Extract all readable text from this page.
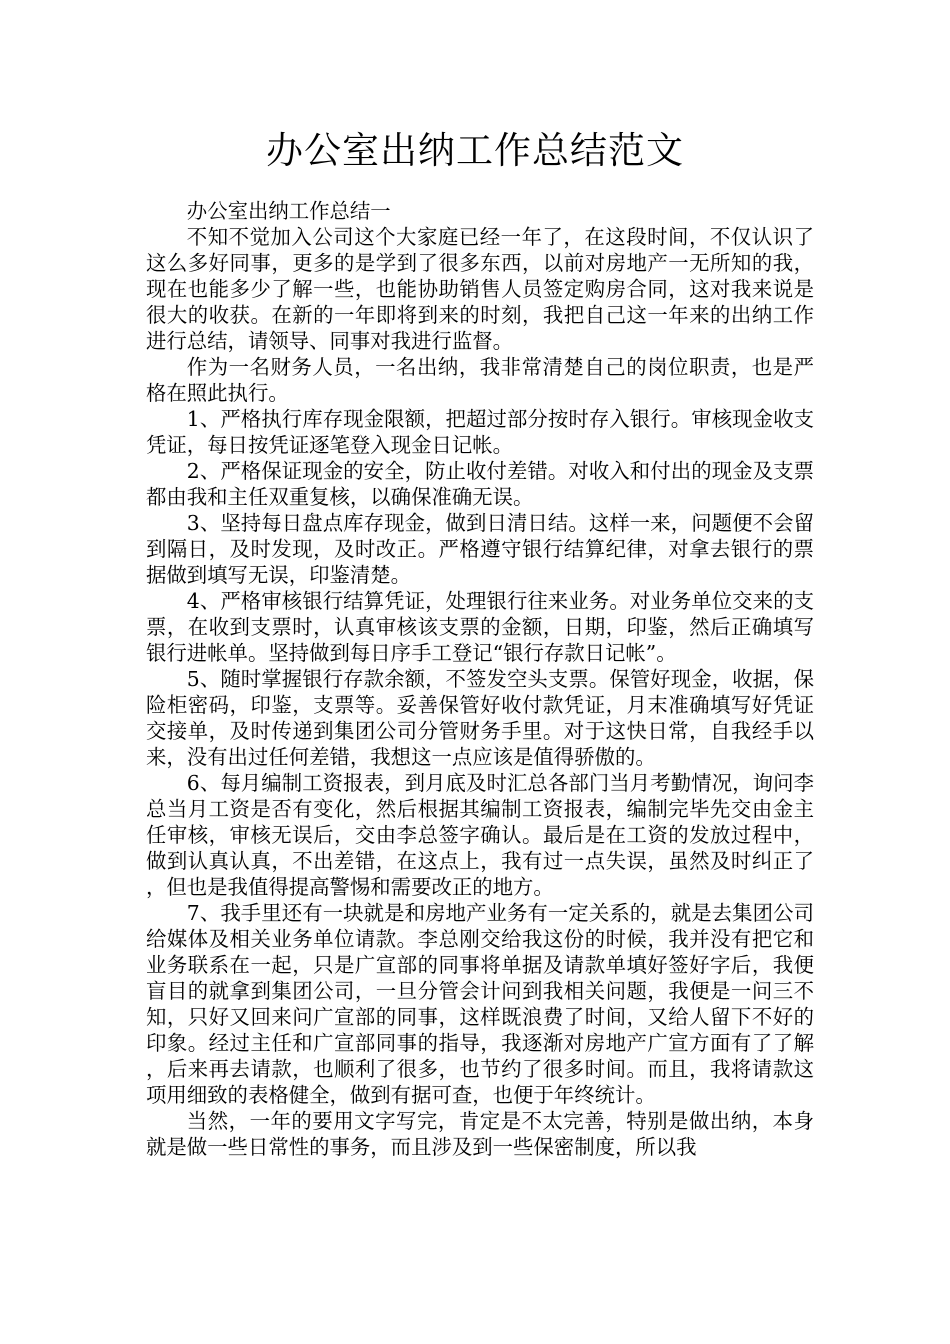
办公室出纳工作总结范文

办公室出纳工作总结一

不知不觉加入公司这个大家庭已经一年了，在这段时间，不仅认识了这么多好同事，更多的是学到了很多东西，以前对房地产一无所知的我，现在也能多少了解一些，也能协助销售人员签定购房合同，这对我来说是很大的收获。在新的一年即将到来的时刻，我把自己这一年来的出纳工作进行总结，请领导、同事对我进行监督。

作为一名财务人员，一名出纳，我非常清楚自己的岗位职责，也是严格在照此执行。

1、严格执行库存现金限额，把超过部分按时存入银行。审核现金收支凭证，每日按凭证逐笔登入现金日记帐。

2、严格保证现金的安全，防止收付差错。对收入和付出的现金及支票都由我和主任双重复核，以确保准确无误。

3、坚持每日盘点库存现金，做到日清日结。这样一来，问题便不会留到隔日，及时发现，及时改正。严格遵守银行结算纪律，对拿去银行的票据做到填写无误，印鉴清楚。

4、严格审核银行结算凭证，处理银行往来业务。对业务单位交来的支票，在收到支票时，认真审核该支票的金额，日期，印鉴，然后正确填写银行进帐单。坚持做到每日序手工登记“银行存款日记帐”。

5、随时掌握银行存款余额，不签发空头支票。保管好现金，收据，保险柜密码，印鉴，支票等。妥善保管好收付款凭证，月末准确填写好凭证交接单，及时传递到集团公司分管财务手里。对于这快日常，自我经手以来，没有出过任何差错，我想这一点应该是值得骄傲的。

6、每月编制工资报表，到月底及时汇总各部门当月考勤情况，询问李总当月工资是否有变化，然后根据其编制工资报表，编制完毕先交由金主任审核，审核无误后，交由李总签字确认。最后是在工资的发放过程中，做到认真认真，不出差错，在这点上，我有过一点失误，虽然及时纠正了，但也是我值得提高警惕和需要改正的地方。

7、我手里还有一块就是和房地产业务有一定关系的，就是去集团公司给媒体及相关业务单位请款。李总刚交给我这份的时候，我并没有把它和业务联系在一起，只是广宣部的同事将单据及请款单填好签好字后，我便盲目的就拿到集团公司，一旦分管会计问到我相关问题，我便是一问三不知，只好又回来问广宣部的同事，这样既浪费了时间，又给人留下不好的印象。经过主任和广宣部同事的指导，我逐渐对房地产广宣方面有了了解，后来再去请款，也顺利了很多，也节约了很多时间。而且，我将请款这项用细致的表格健全，做到有据可查，也便于年终统计。

当然，一年的要用文字写完，肯定是不太完善，特别是做出纳，本身就是做一些日常性的事务，而且涉及到一些保密制度，所以我
